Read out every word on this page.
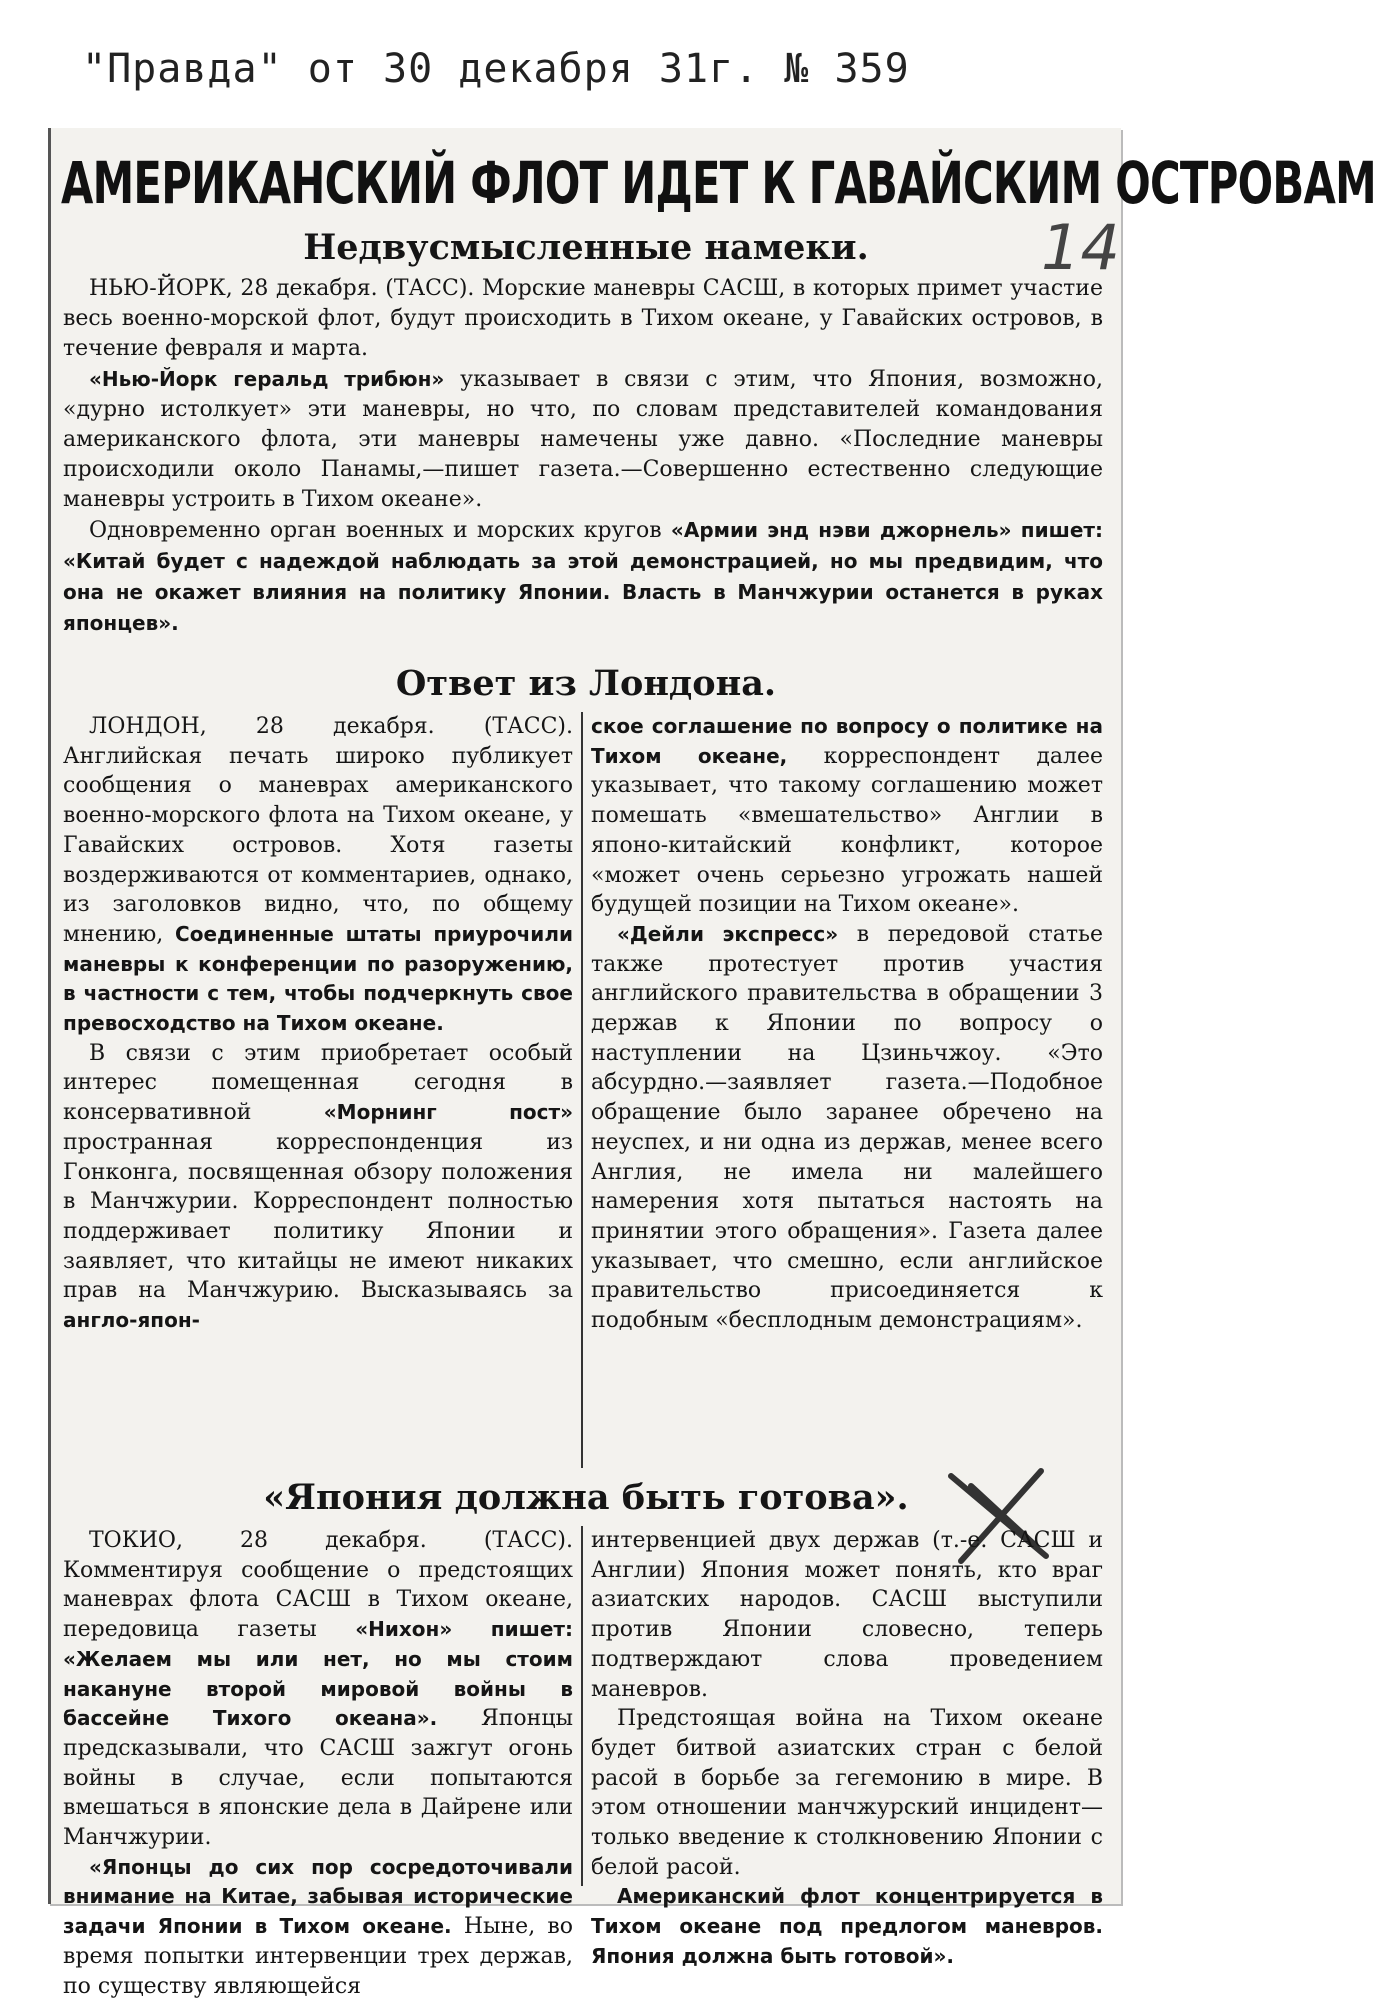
"Правда" от 30 декабря 31г. № 359
АМЕРИКАНСКИЙ ФЛОТ ИДЕТ К ГАВАЙСКИМ ОСТРОВАМ
14
Недвусмысленные намеки.

НЬЮ-ЙОРК, 28 декабря. (ТАСС). Морские маневры САСШ, в которых примет участие весь военно-морской флот, будут происходить в Тихом океане, у Гавайских островов, в течение февраля и марта.

«Нью-Йорк геральд трибюн» указывает в связи с этим, что Япония, возможно, «дурно истолкует» эти маневры, но что, по словам представителей командования американского флота, эти маневры намечены уже давно. «Последние маневры происходили около Панамы,—пишет газета.—Совершенно естественно следующие маневры устроить в Тихом океане».

Одновременно орган военных и морских кругов «Армии энд нэви джорнель» пишет: «Китай будет с надеждой наблюдать за этой демонстрацией, но мы предвидим, что она не окажет влияния на политику Японии. Власть в Манчжурии останется в руках японцев».

Ответ из Лондона.

ЛОНДОН, 28 декабря. (ТАСС). Английская печать широко публикует сообщения о маневрах американского военно-морского флота на Тихом океане, у Гавайских островов. Хотя газеты воздерживаются от комментариев, однако, из заголовков видно, что, по общему мнению, Соединенные штаты приурочили маневры к конференции по разоружению, в частности с тем, чтобы подчеркнуть свое превосходство на Тихом океане.

В связи с этим приобретает особый интерес помещенная сегодня в консервативной	«Морнинг пост» пространная корреспонденция из Гонконга, посвященная обзору положения в Манчжурии. Корреспондент полностью поддерживает политику Японии и заявляет, что китайцы не имеют никаких прав на Манчжурию. Высказываясь за англо-япон-

ское соглашение по вопросу о политике на Тихом океане, корреспондент далее указывает, что такому соглашению может помешать «вмешательство» Англии в японо-китайский конфликт, которое «может очень серьезно угрожать нашей будущей позиции на Тихом океане».

«Дейли экспресс» в передовой статье также протестует против участия английского правительства в обращении 3 держав к Японии по вопросу о наступлении на Цзиньчжоу. «Это абсурдно.—заявляет газета.—Подобное обращение было заранее обречено на неуспех, и ни одна из держав, менее всего Англия, не имела ни малейшего намерения хотя пытаться настоять на принятии этого обращения». Газета далее указывает, что смешно, если английское правительство присоединяется к подобным «бесплодным демонстрациям».

«Япония должна быть готова».

ТОКИО, 28 декабря. (ТАСС). Комментируя сообщение о предстоящих маневрах флота САСШ в Тихом океане, передовица газеты «Нихон» пишет: «Желаем мы или нет, но мы стоим накануне второй мировой войны в бассейне Тихого океана». Японцы предсказывали, что САСШ зажгут огонь войны в случае, если попытаются вмешаться в японские дела в Дайрене или Манчжурии.

«Японцы до сих пор сосредоточивали внимание на Китае, забывая исторические задачи Японии в Тихом океане. Ныне, во время попытки интервенции трех держав, по существу являющейся

интервенцией двух держав (т.-е. САСШ и Англии) Япония может понять, кто враг азиатских народов. САСШ выступили против Японии словесно, теперь подтверждают слова проведением маневров.

Предстоящая война на Тихом океане будет битвой азиатских стран с белой расой в борьбе за гегемонию в мире. В этом отношении манчжурский инцидент—только введение к столкновению Японии с белой расой.

Американский флот концентрируется в Тихом океане под предлогом маневров. Япония должна быть готовой».
